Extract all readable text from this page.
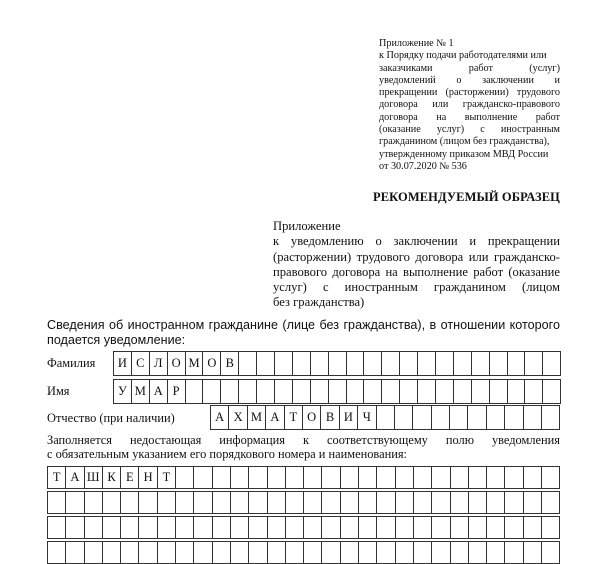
Приложение № 1
к Порядку подачи работодателями или
заказчиками работ (услуг)
уведомлений о заключении и
прекращении (расторжении) трудового
договора или гражданско-правового
договора на выполнение работ
(оказание услуг) с иностранным
гражданином (лицом без гражданства),
утвержденному приказом МВД России
от 30.07.2020 № 536
РЕКОМЕНДУЕМЫЙ ОБРАЗЕЦ
Приложение
к уведомлению о заключении и прекращении
(расторжении) трудового договора или гражданско-
правового договора на выполнение работ (оказание
услуг) с иностранным гражданином (лицом
без гражданства)
Сведения об иностранном гражданине (лице без гражданства), в отношении которого
подается уведомление:
Фамилия	И С Л О М О В
Имя	У М А Р
Отчество (при наличии)	А Х М А Т О В И Ч
Заполняется недостающая информация к соответствующему полю уведомления
с обязательным указанием его порядкового номера и наименования:
Т А Ш К Е Н Т
